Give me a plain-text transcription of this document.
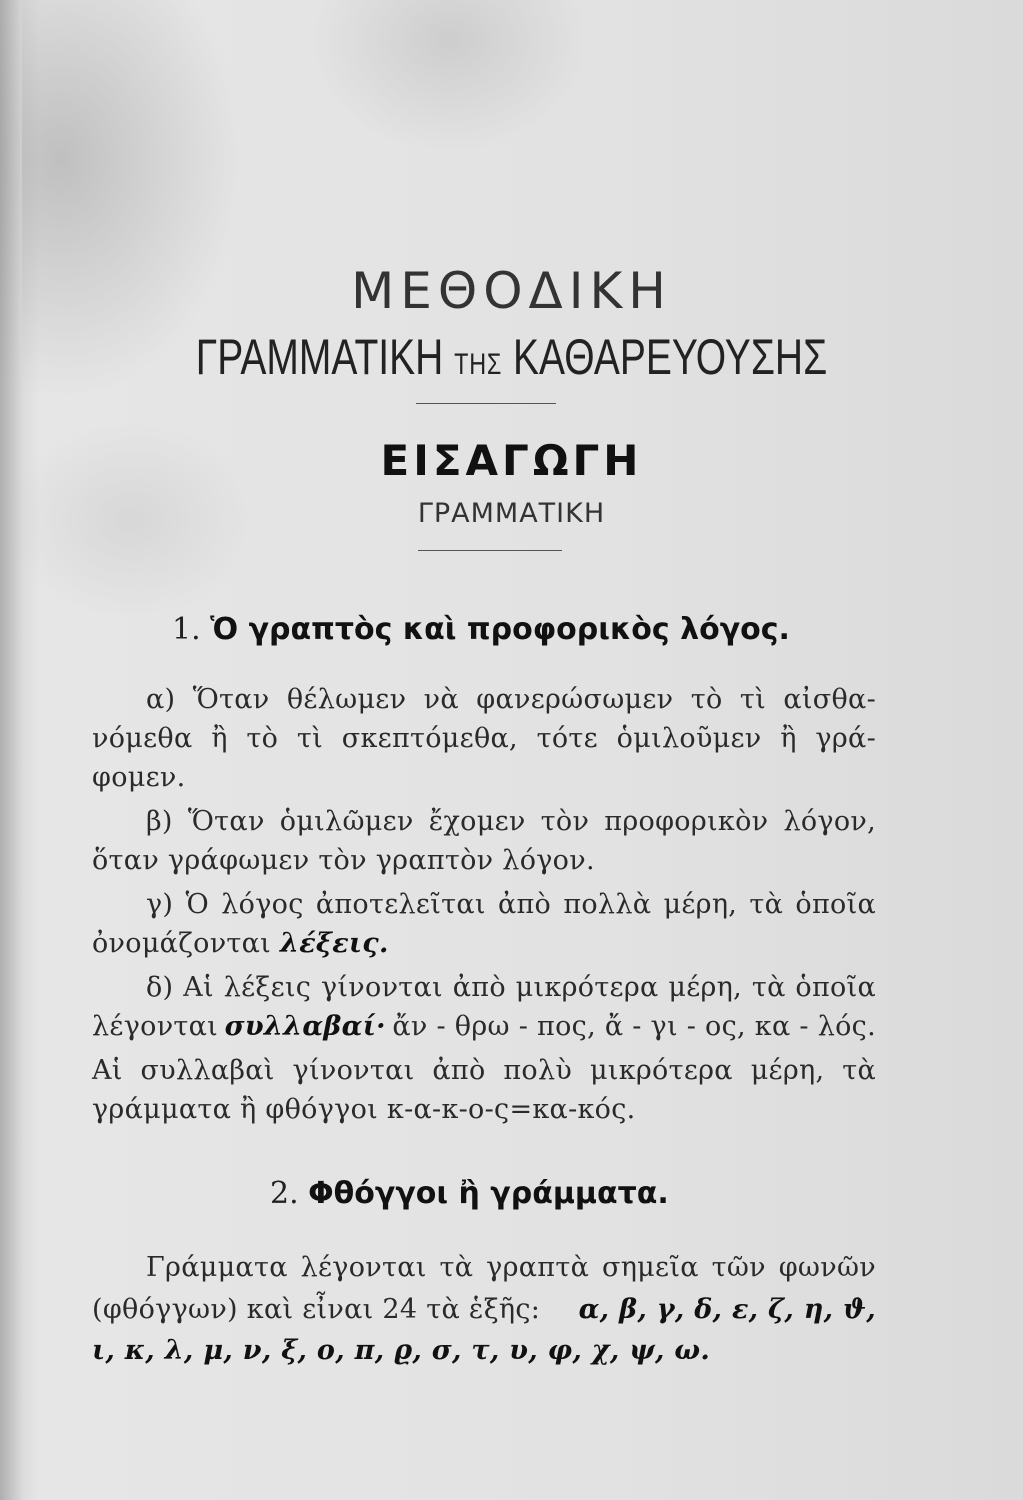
ΜΕΘΟΔΙΚΗ
ΓΡΑΜΜΑΤΙΚΗ ΤΗΣ ΚΑΘΑΡΕΥΟΥΣΗΣ
ΕΙΣΑΓΩΓΗ
ΓΡΑΜΜΑΤΙΚΗ
1. Ὁ γραπτὸς καὶ προφορικὸς λόγος.
α) Ὅταν θέλωμεν νὰ φανερώσωμεν τὸ τὶ αἰσθα-
νόμεθα ἢ τὸ τὶ σκεπτόμεθα, τότε ὁμιλοῦμεν ἢ γρά-
φομεν.
β) Ὅταν ὁμιλῶμεν ἔχομεν τὸν προφορικὸν λόγον,
ὅταν γράφωμεν τὸν γραπτὸν λόγον.
γ) Ὁ λόγος ἀποτελεῖται ἀπὸ πολλὰ μέρη, τὰ ὁποῖα
ὀνομάζονται λέξεις.
δ) Αἱ λέξεις γίνονται ἀπὸ μικρότερα μέρη, τὰ ὁποῖα
λέγονται συλλαβαί· ἄν - θρω - πος, ἄ - γι - ος, κα - λός.
Αἱ συλλαβαὶ γίνονται ἀπὸ πολὺ μικρότερα μέρη, τὰ
γράμματα ἢ φθόγγοι κ-α-κ-ο-ς=κα-κός.
2. Φθόγγοι ἢ γράμματα.
Γράμματα λέγονται τὰ γραπτὰ σημεῖα τῶν φωνῶν
(φθόγγων) καὶ εἶναι 24 τὰ ἑξῆς: α, β, γ, δ, ε, ζ, η, ϑ,
ι, κ, λ, μ, ν, ξ, ο, π, ϱ, σ, τ, υ, φ, χ, ψ, ω.
